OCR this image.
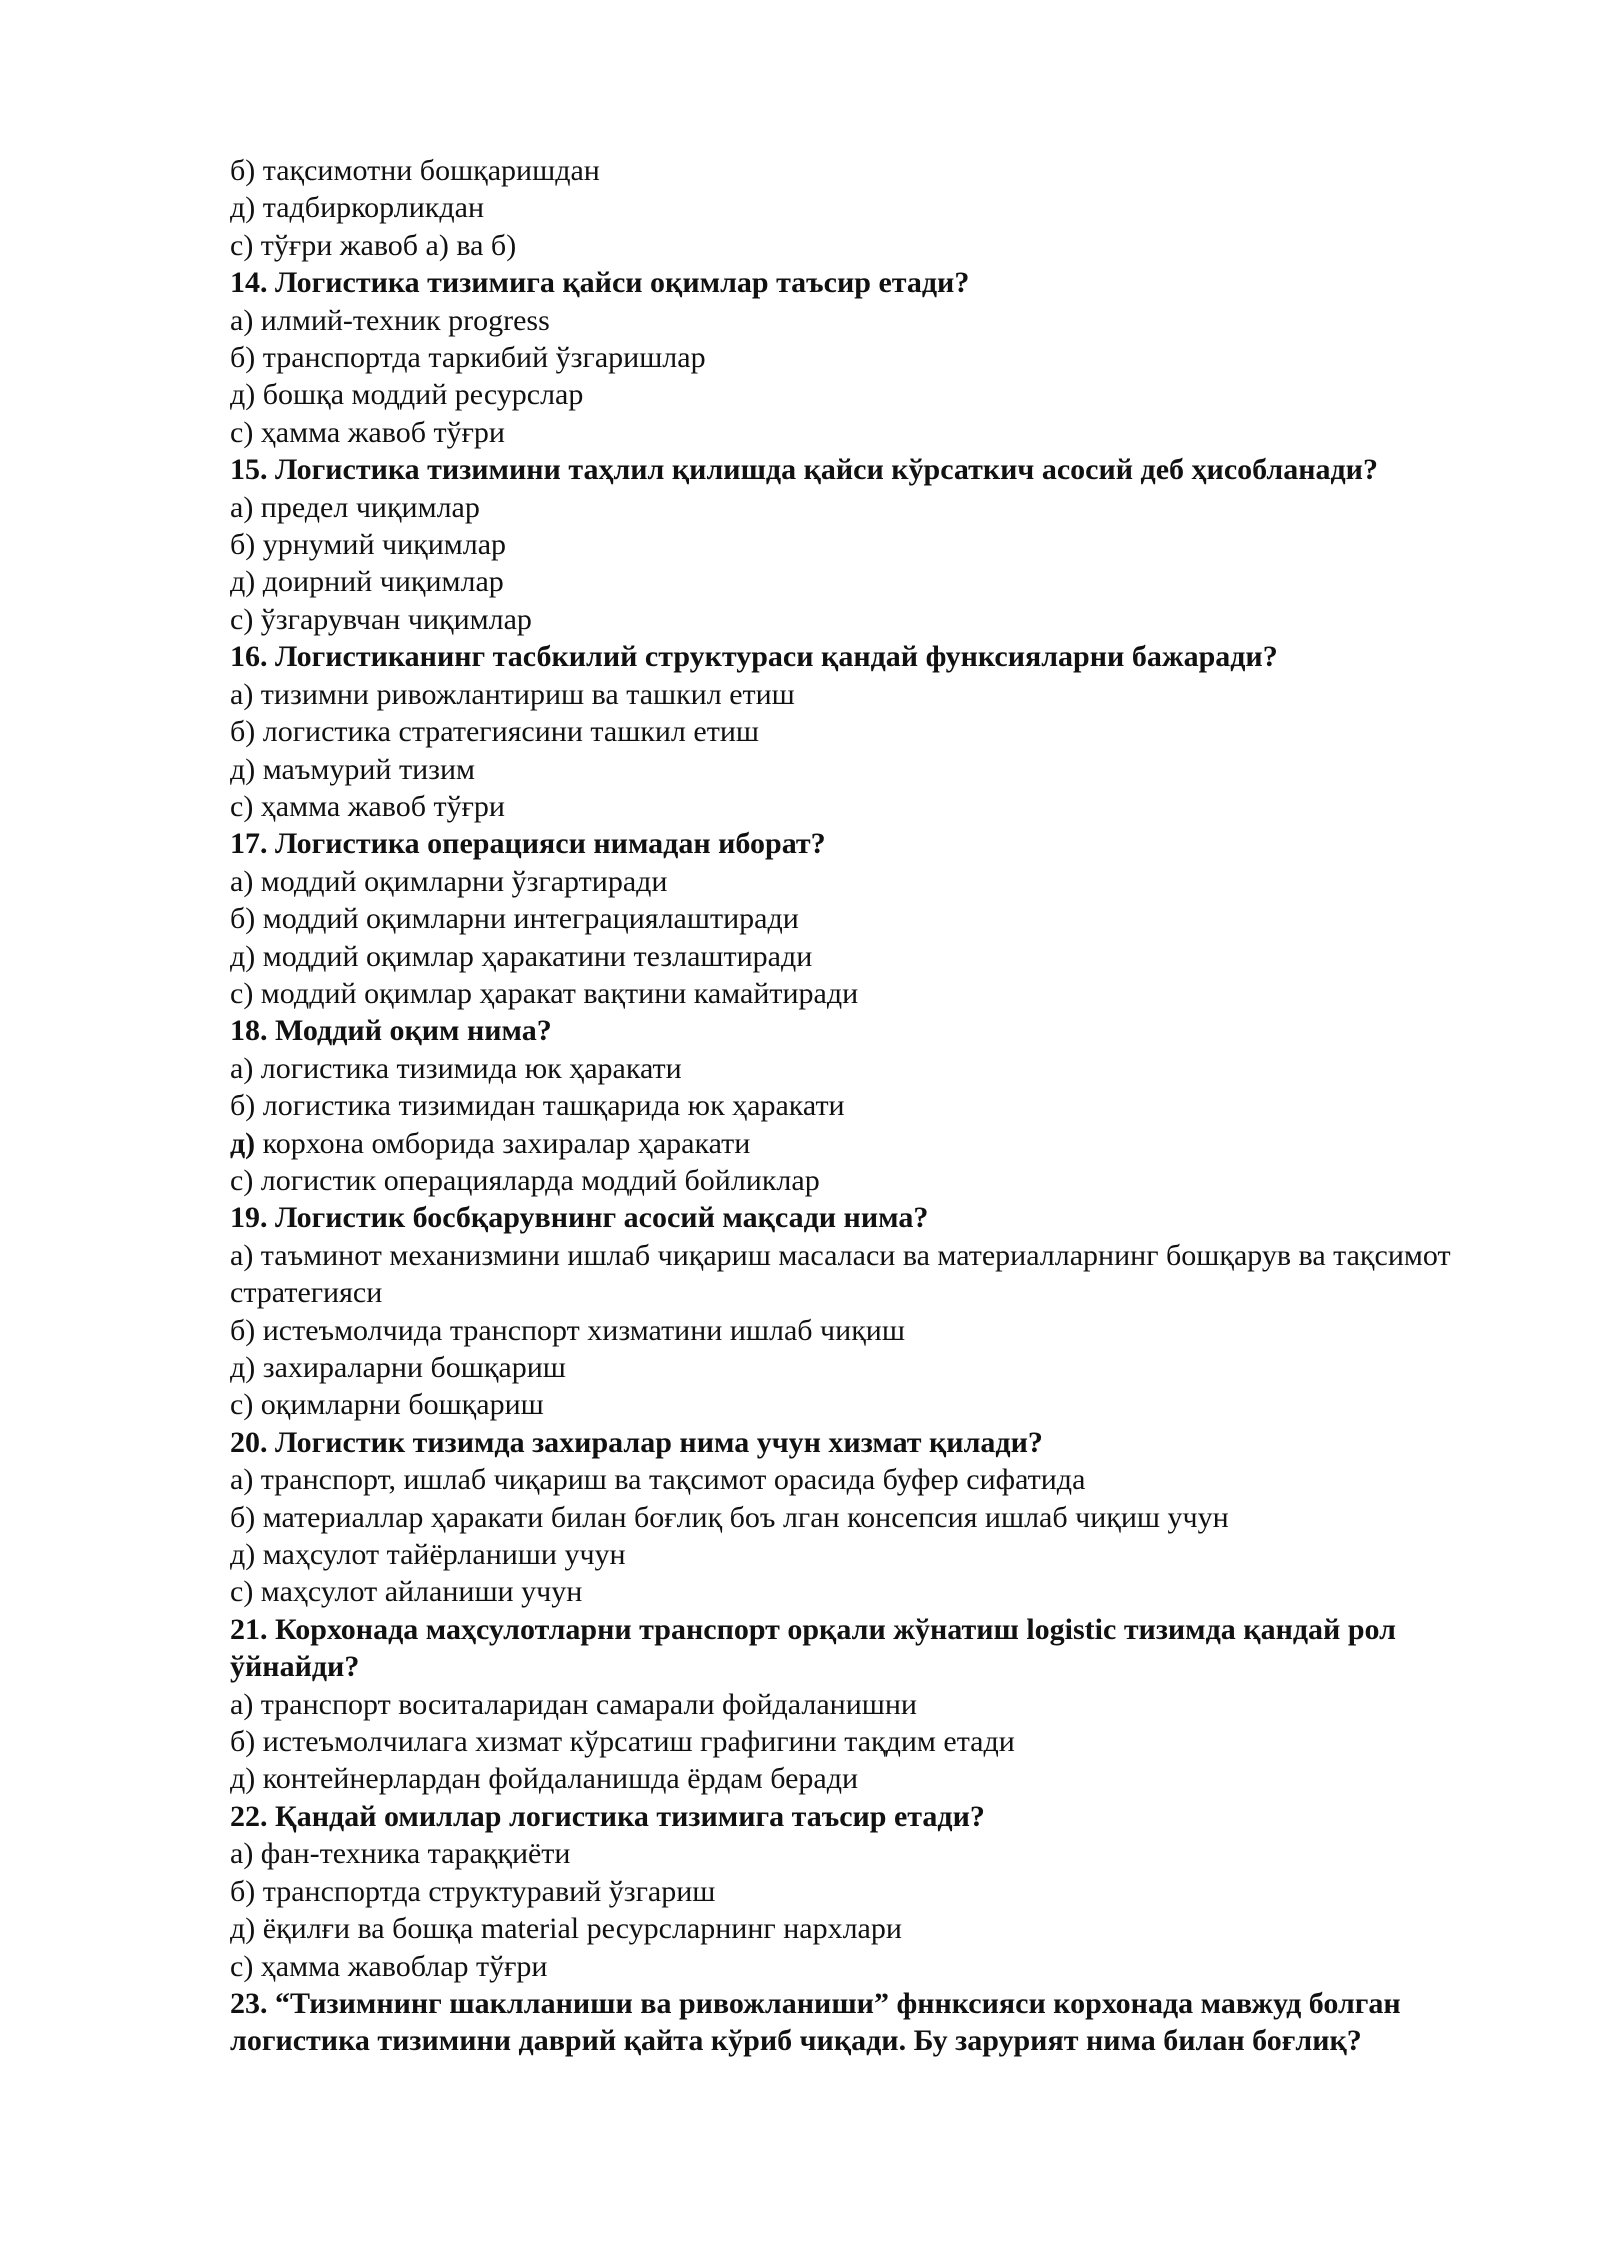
б) тақсимотни бошқаришдан
д) тадбиркорликдан
с) тўғри жавоб а) ва б)
14. Логистика тизимига қайси оқимлар таъсир етади?
а) илмий-техник progress
б) транспортда таркибий ўзгаришлар
д) бошқа моддий ресурслар
с) ҳамма жавоб тўғри
15. Логистика тизимини таҳлил қилишда қайси кўрсаткич асосий деб ҳисобланади?
а) предел чиқимлар
б) урнумий чиқимлар
д) доирний чиқимлар
с) ўзгарувчан чиқимлар
16. Логистиканинг тасбкилий структураси қандай функсияларни бажаради?
а) тизимни ривожлантириш ва ташкил етиш
б) логистика стратегиясини ташкил етиш
д) маъмурий тизим
с) ҳамма жавоб тўғри
17. Логистика операцияси нимадан иборат?
а) моддий оқимларни ўзгартиради
б) моддий оқимларни интеграциялаштиради
д) моддий оқимлар ҳаракатини тезлаштиради
с) моддий оқимлар ҳаракат вақтини камайтиради
18. Моддий оқим нима?
а) логистика тизимида юк ҳаракати
б) логистика тизимидан ташқарида юк ҳаракати
д) корхона омборида захиралар ҳаракати
с) логистик операцияларда моддий бойликлар
19. Логистик босбқарувнинг асосий мақсади нима?
а) таъминот механизмини ишлаб чиқариш масаласи ва материалларнинг бошқарув ва тақсимот стратегияси
б) истеъмолчида транспорт хизматини ишлаб чиқиш
д) захираларни бошқариш
с) оқимларни бошқариш
20. Логистик тизимда захиралар нима учун хизмат қилади?
а) транспорт, ишлаб чиқариш ва тақсимот орасида буфер сифатида
б) материаллар ҳаракати билан боғлиқ боъ лган консепсия ишлаб чиқиш учун
д) маҳсулот тайёрланиши учун
с) маҳсулот айланиши учун
21. Корхонада маҳсулотларни транспорт орқали жўнатиш logistic тизимда қандай рол ўйнайди?
а) транспорт воситаларидан самарали фойдаланишни
б) истеъмолчилага хизмат кўрсатиш графигини тақдим етади
д) контейнерлардан фойдаланишда ёрдам беради
22. Қандай омиллар логистика тизимига таъсир етади?
а) фан-техника тараққиёти
б) транспортда структуравий ўзгариш
д) ёқилғи ва бошқа material ресурсларнинг нархлари
с) ҳамма жавоблар тўғри
23. “Тизимнинг шаклланиши ва ривожланиши” фннксияси корхонада мавжуд болган логистика тизимини даврий қайта кўриб чиқади. Бу зарурият нима билан боғлиқ?
